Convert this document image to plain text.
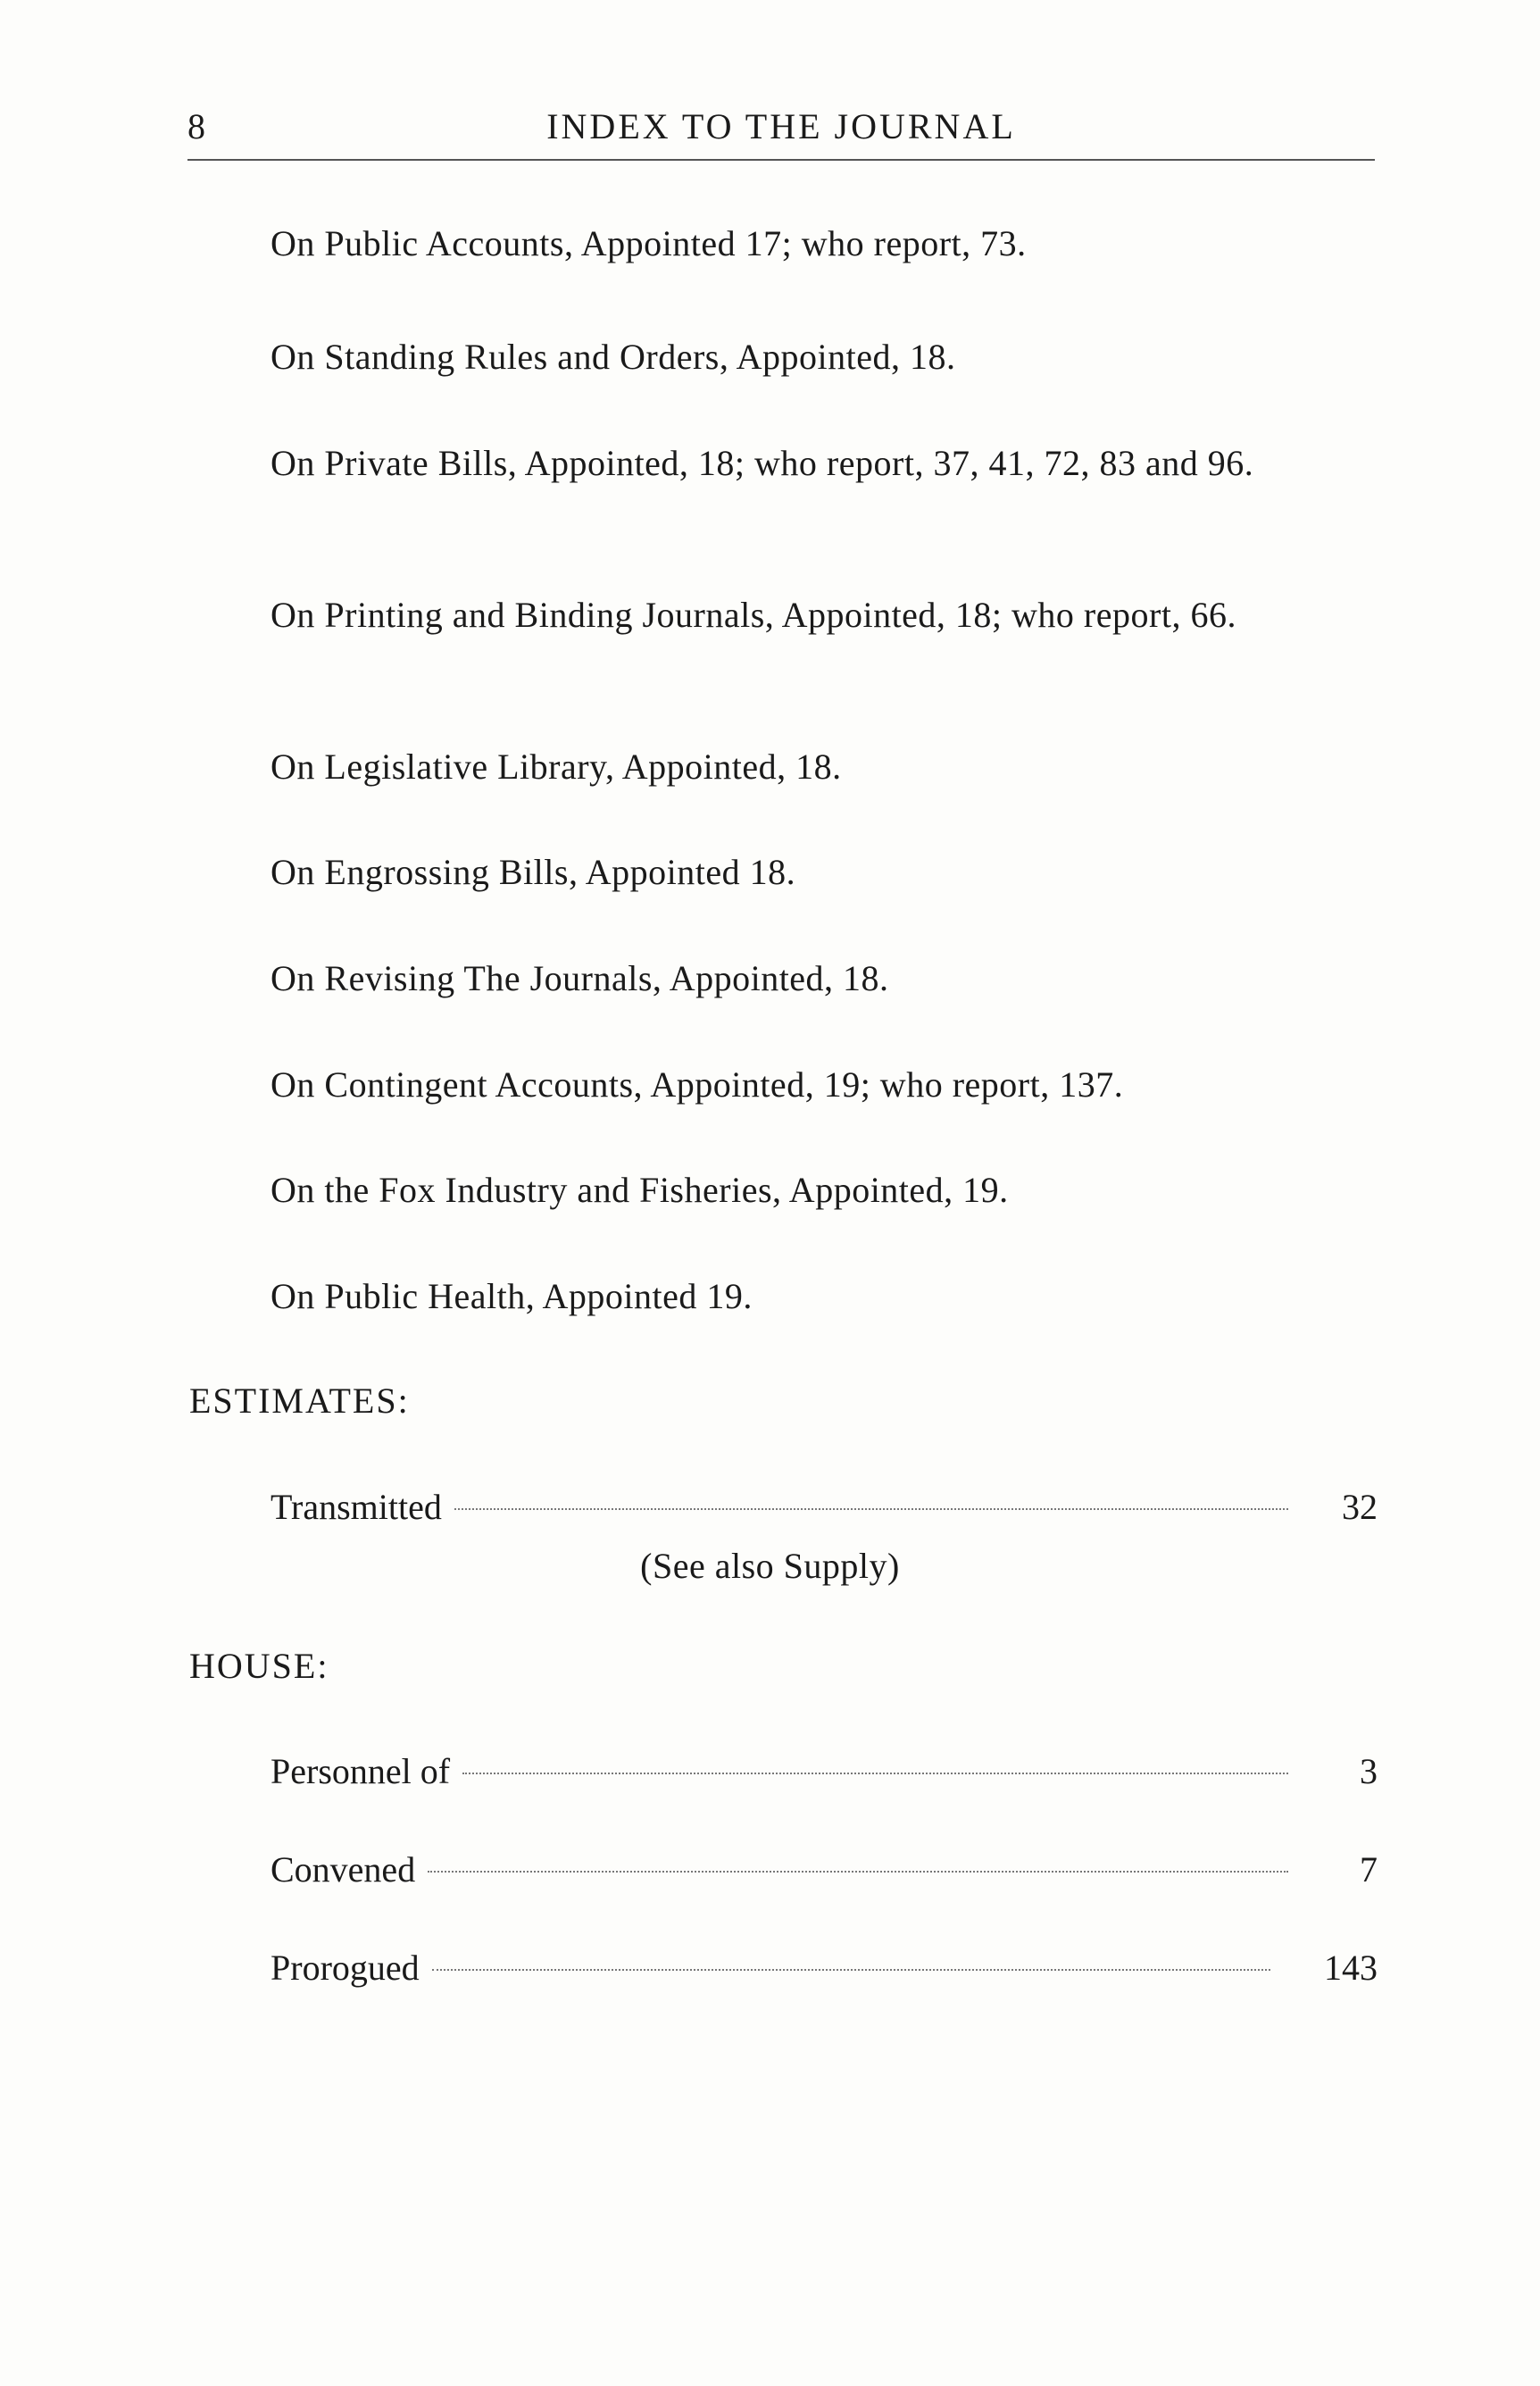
8	INDEX TO THE JOURNAL
On Public Accounts, Appointed 17; who report, 73.
On Standing Rules and Orders, Appointed, 18.
On Private Bills, Appointed, 18; who report, 37, 41, 72, 83 and 96.
On Printing and Binding Journals, Appointed, 18; who report, 66.
On Legislative Library, Appointed, 18.
On Engrossing Bills, Appointed 18.
On Revising The Journals, Appointed, 18.
On Contingent Accounts, Appointed, 19; who report, 137.
On the Fox Industry and Fisheries, Appointed, 19.
On Public Health, Appointed 19.
ESTIMATES:
Transmitted	32
(See also Supply)
HOUSE:
Personnel of	3
Convened	7
Prorogued	143
